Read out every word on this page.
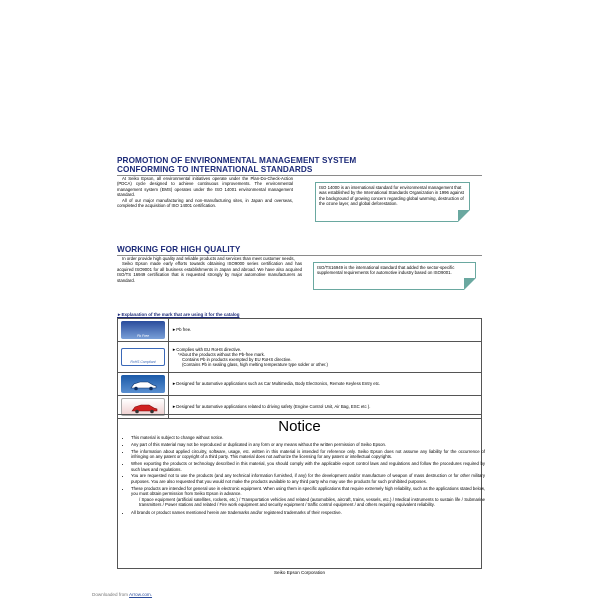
PROMOTION OF ENVIRONMENTAL MANAGEMENT SYSTEM
CONFORMING TO INTERNATIONAL STANDARDS

At Seiko Epson, all environmental initiatives operate under the Plan-Do-Check-Action (PDCA) cycle designed to achieve continuous improvements. The environmental management system (EMS) operates under the ISO 14001 environmental management standard.

All of our major manufacturing and non-manufacturing sites, in Japan and overseas, completed the acquisition of ISO 14001 certification.

ISO 14000 is an international standard for environmental management that was established by the International Standards Organization in 1996 against the background of growing concern regarding global warming, destruction of the ozone layer, and global deforestation.
WORKING FOR HIGH QUALITY

In order provide high quality and reliable products and services than meet customer needs,

Seiko Epson made early efforts towards obtaining ISO9000 series certification and has acquired ISO9001 for all business establishments in Japan and abroad. We have also acquired ISO/TS 16949 certification that is requested strongly by major automotive manufacturers as standard.

ISO/TS16949 is the international standard that added the sector-specific supplemental requirements for automotive industry based on ISO9001.
►Explanation of the mark that are using it for the catalog
Pb Free	►Pb free.

RoHS Compliant	►Complies with EU RoHS directive.
*About the products without the Pb-free mark.
Contains Pb in products exempted by EU RoHS directive.
(Contains Pb in sealing glass, high melting temperature type solder or other.)

►Designed for automotive applications such as Car Multimedia, Body Electronics, Remote Keyless Entry etc.

►Designed for automotive applications related to driving safety (Engine Control Unit, Air Bag, ESC etc ).
Notice
• This material is subject to change without notice.
• Any part of this material may not be reproduced or duplicated in any form or any means without the written permission of Seiko Epson.
• The information about applied circuitry, software, usage, etc. written in this material is intended for reference only. Seiko Epson does not assume any liability for the occurrence of infringing on any patent or copyright of a third party. This material does not authorize the licensing for any patent or intellectual copyrights.
• When exporting the products or technology described in this material, you should comply with the applicable export control laws and regulations and follow the procedures required by such laws and regulations.
• You are requested not to use the products (and any technical information furnished, if any) for the development and/or manufacture of weapon of mass destruction or for other military purposes. You are also requested that you would not make the products available to any third party who may use the products for such prohibited purposes.
• These products are intended for general use in electronic equipment. When using them in specific applications that require extremely high reliability, such as the applications stated below, you must obtain permission from Seiko Epson in advance.

/ Space equipment (artificial satellites, rockets, etc.) / Transportation vehicles and related (automobiles, aircraft, trains, vessels, etc.) / Medical instruments to sustain life / Submarine transmitters / Power stations and related / Fire work equipment and security equipment / traffic control equipment / and others requiring equivalent reliability.

• All brands or product names mentioned herein are trademarks and/or registered trademarks of their respective.
Seiko Epson Corporation
Downloaded from Arrow.com.
